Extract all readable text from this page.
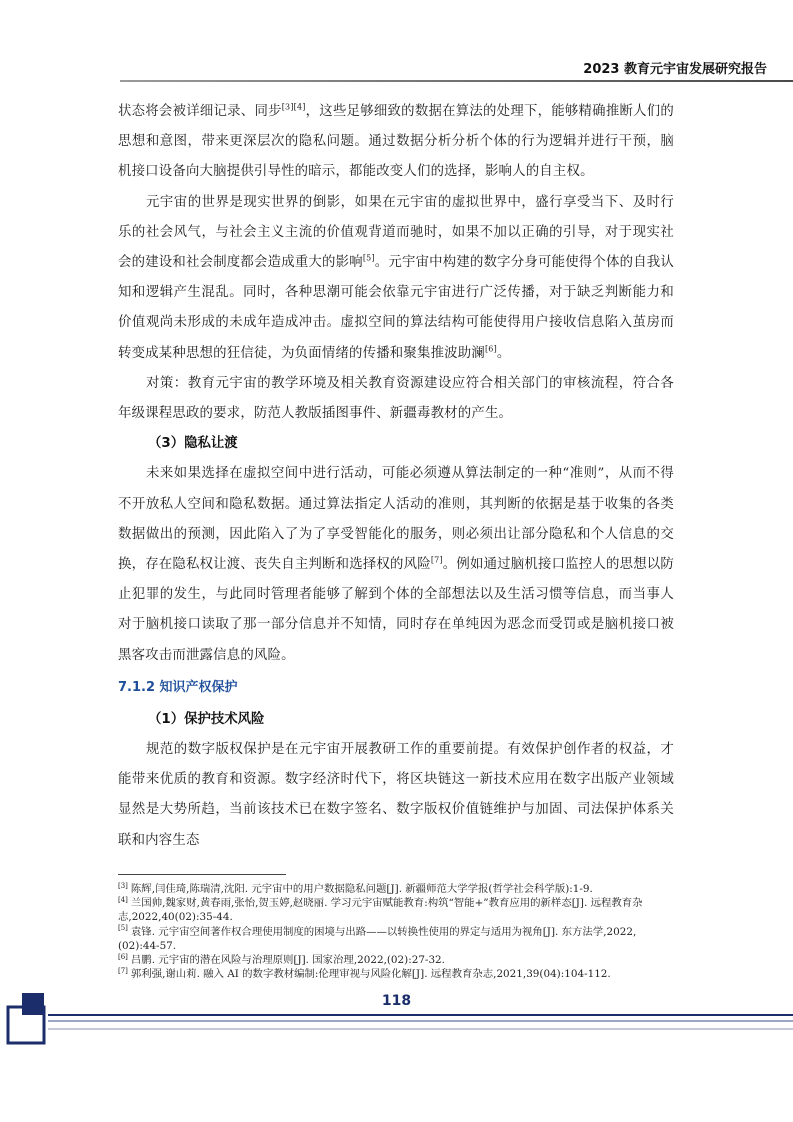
2023 教育元宇宙发展研究报告

状态将会被详细记录、同步[3][4]，这些足够细致的数据在算法的处理下，能够精确推断人们的思想和意图，带来更深层次的隐私问题。通过数据分析分析个体的行为逻辑并进行干预，脑机接口设备向大脑提供引导性的暗示，都能改变人们的选择，影响人的自主权。

元宇宙的世界是现实世界的倒影，如果在元宇宙的虚拟世界中，盛行享受当下、及时行乐的社会风气，与社会主义主流的价值观背道而驰时，如果不加以正确的引导，对于现实社会的建设和社会制度都会造成重大的影响[5]。元宇宙中构建的数字分身可能使得个体的自我认知和逻辑产生混乱。同时，各种思潮可能会依靠元宇宙进行广泛传播，对于缺乏判断能力和价值观尚未形成的未成年造成冲击。虚拟空间的算法结构可能使得用户接收信息陷入茧房而转变成某种思想的狂信徒，为负面情绪的传播和聚集推波助澜[6]。

对策：教育元宇宙的教学环境及相关教育资源建设应符合相关部门的审核流程，符合各年级课程思政的要求，防范人教版插图事件、新疆毒教材的产生。

（3）隐私让渡

未来如果选择在虚拟空间中进行活动，可能必须遵从算法制定的一种“准则”，从而不得不开放私人空间和隐私数据。通过算法指定人活动的准则，其判断的依据是基于收集的各类数据做出的预测，因此陷入了为了享受智能化的服务，则必须出让部分隐私和个人信息的交换，存在隐私权让渡、丧失自主判断和选择权的风险[7]。例如通过脑机接口监控人的思想以防止犯罪的发生，与此同时管理者能够了解到个体的全部想法以及生活习惯等信息，而当事人对于脑机接口读取了那一部分信息并不知情，同时存在单纯因为恶念而受罚或是脑机接口被黑客攻击而泄露信息的风险。

7.1.2 知识产权保护

（1）保护技术风险

规范的数字版权保护是在元宇宙开展教研工作的重要前提。有效保护创作者的权益，才能带来优质的教育和资源。数字经济时代下，将区块链这一新技术应用在数字出版产业领域显然是大势所趋，当前该技术已在数字签名、数字版权价值链维护与加固、司法保护体系关联和内容生态

[3] 陈辉,闫佳琦,陈瑞清,沈阳. 元宇宙中的用户数据隐私问题[J]. 新疆师范大学学报(哲学社会科学版):1-9.

[4] 兰国帅,魏家财,黄春雨,张怡,贺玉婷,赵晓丽. 学习元宇宙赋能教育:构筑“智能+”教育应用的新样态[J]. 远程教育杂志,2022,40(02):35-44.

[5] 袁锋. 元宇宙空间著作权合理使用制度的困境与出路——以转换性使用的界定与适用为视角[J]. 东方法学,2022,(02):44-57.

[6] 吕鹏. 元宇宙的潜在风险与治理原则[J]. 国家治理,2022,(02):27-32.

[7] 郭利强,谢山莉. 融入 AI 的数字教材编制:伦理审视与风险化解[J]. 远程教育杂志,2021,39(04):104-112.

118
